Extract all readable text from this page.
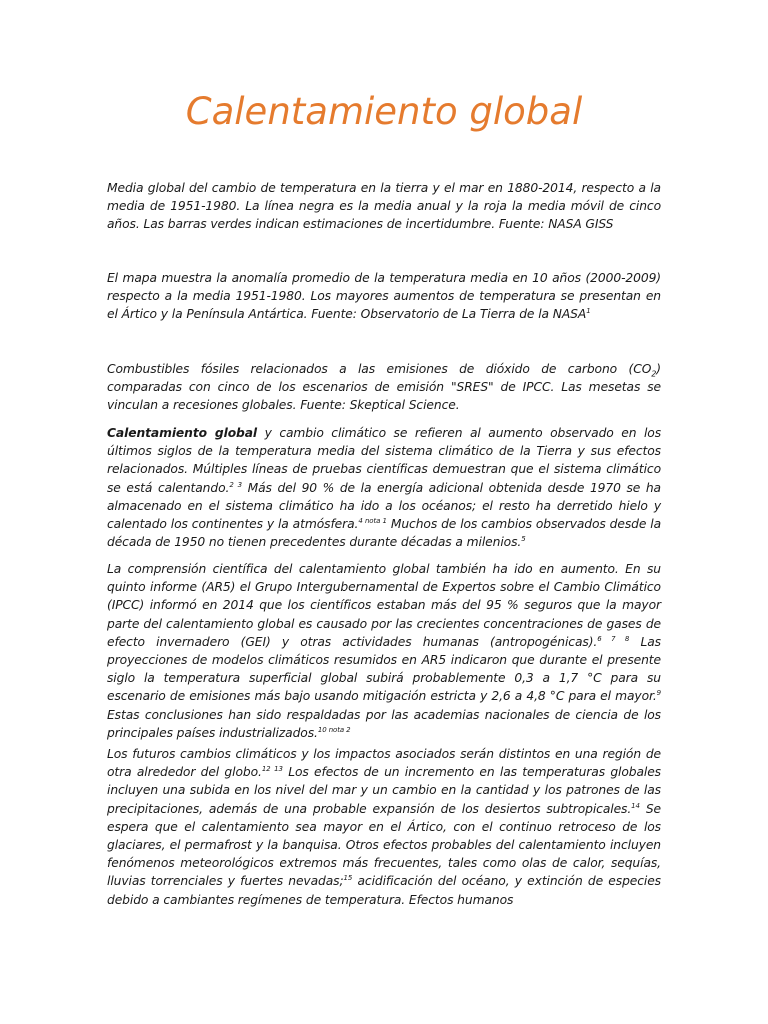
Calentamiento global

Media global del cambio de temperatura en la tierra y el mar en 1880-2014, respecto a la media de 1951-1980. La línea negra es la media anual y la roja la media móvil de cinco años. Las barras verdes indican estimaciones de incertidumbre. Fuente: NASA GISS

El mapa muestra la anomalía promedio de la temperatura media en 10 años (2000-2009) respecto a la media 1951-1980. Los mayores aumentos de temperatura se presentan en el Ártico y la Península Antártica. Fuente: Observatorio de La Tierra de la NASA$^1$

Combustibles fósiles relacionados a las emisiones de dióxido de carbono $(CO_2)$ comparadas con cinco de los escenarios de emisión "SRES" de IPCC. Las mesetas se vinculan a recesiones globales. Fuente: Skeptical Science.

Calentamiento global y cambio climático se refieren al aumento observado en los últimos siglos de la temperatura media del sistema climático de la Tierra y sus efectos relacionados. Múltiples líneas de pruebas científicas demuestran que el sistema climático se está calentando.$^{2 3}$ Más del 90 % de la energía adicional obtenida desde 1970 se ha almacenado en el sistema climático ha ido a los océanos; el resto ha derretido hielo y calentado los continentes y la atmósfera.$^{4 nota 1}$ Muchos de los cambios observados desde la década de 1950 no tienen precedentes durante décadas a milenios.$^5$

La comprensión científica del calentamiento global también ha ido en aumento. En su quinto informe (AR5) el Grupo Intergubernamental de Expertos sobre el Cambio Climático (IPCC) informó en 2014 que los científicos estaban más del 95 % seguros que la mayor parte del calentamiento global es causado por las crecientes concentraciones de gases de efecto invernadero (GEI) y otras actividades humanas (antropogénicas).$^{6 7 8}$ Las proyecciones de modelos climáticos resumidos en AR5 indicaron que durante el presente siglo la temperatura superficial global subirá probablemente 0,3 a 1,7 °C para su escenario de emisiones más bajo usando mitigación estricta y 2,6 a 4,8 °C para el mayor.$^9$ Estas conclusiones han sido respaldadas por las academias nacionales de ciencia de los principales países industrializados.$^{10 nota 2}$

Los futuros cambios climáticos y los impactos asociados serán distintos en una región de otra alrededor del globo.$^{12 13}$ Los efectos de un incremento en las temperaturas globales incluyen una subida en los nivel del mar y un cambio en la cantidad y los patrones de las precipitaciones, además de una probable expansión de los desiertos subtropicales.$^{14}$ Se espera que el calentamiento sea mayor en el Ártico, con el continuo retroceso de los glaciares, el permafrost y la banquisa. Otros efectos probables del calentamiento incluyen fenómenos meteorológicos extremos más frecuentes, tales como olas de calor, sequías, lluvias torrenciales y fuertes nevadas;$^{15}$ acidificación del océano, y extinción de especies debido a cambiantes regímenes de temperatura. Efectos humanos
